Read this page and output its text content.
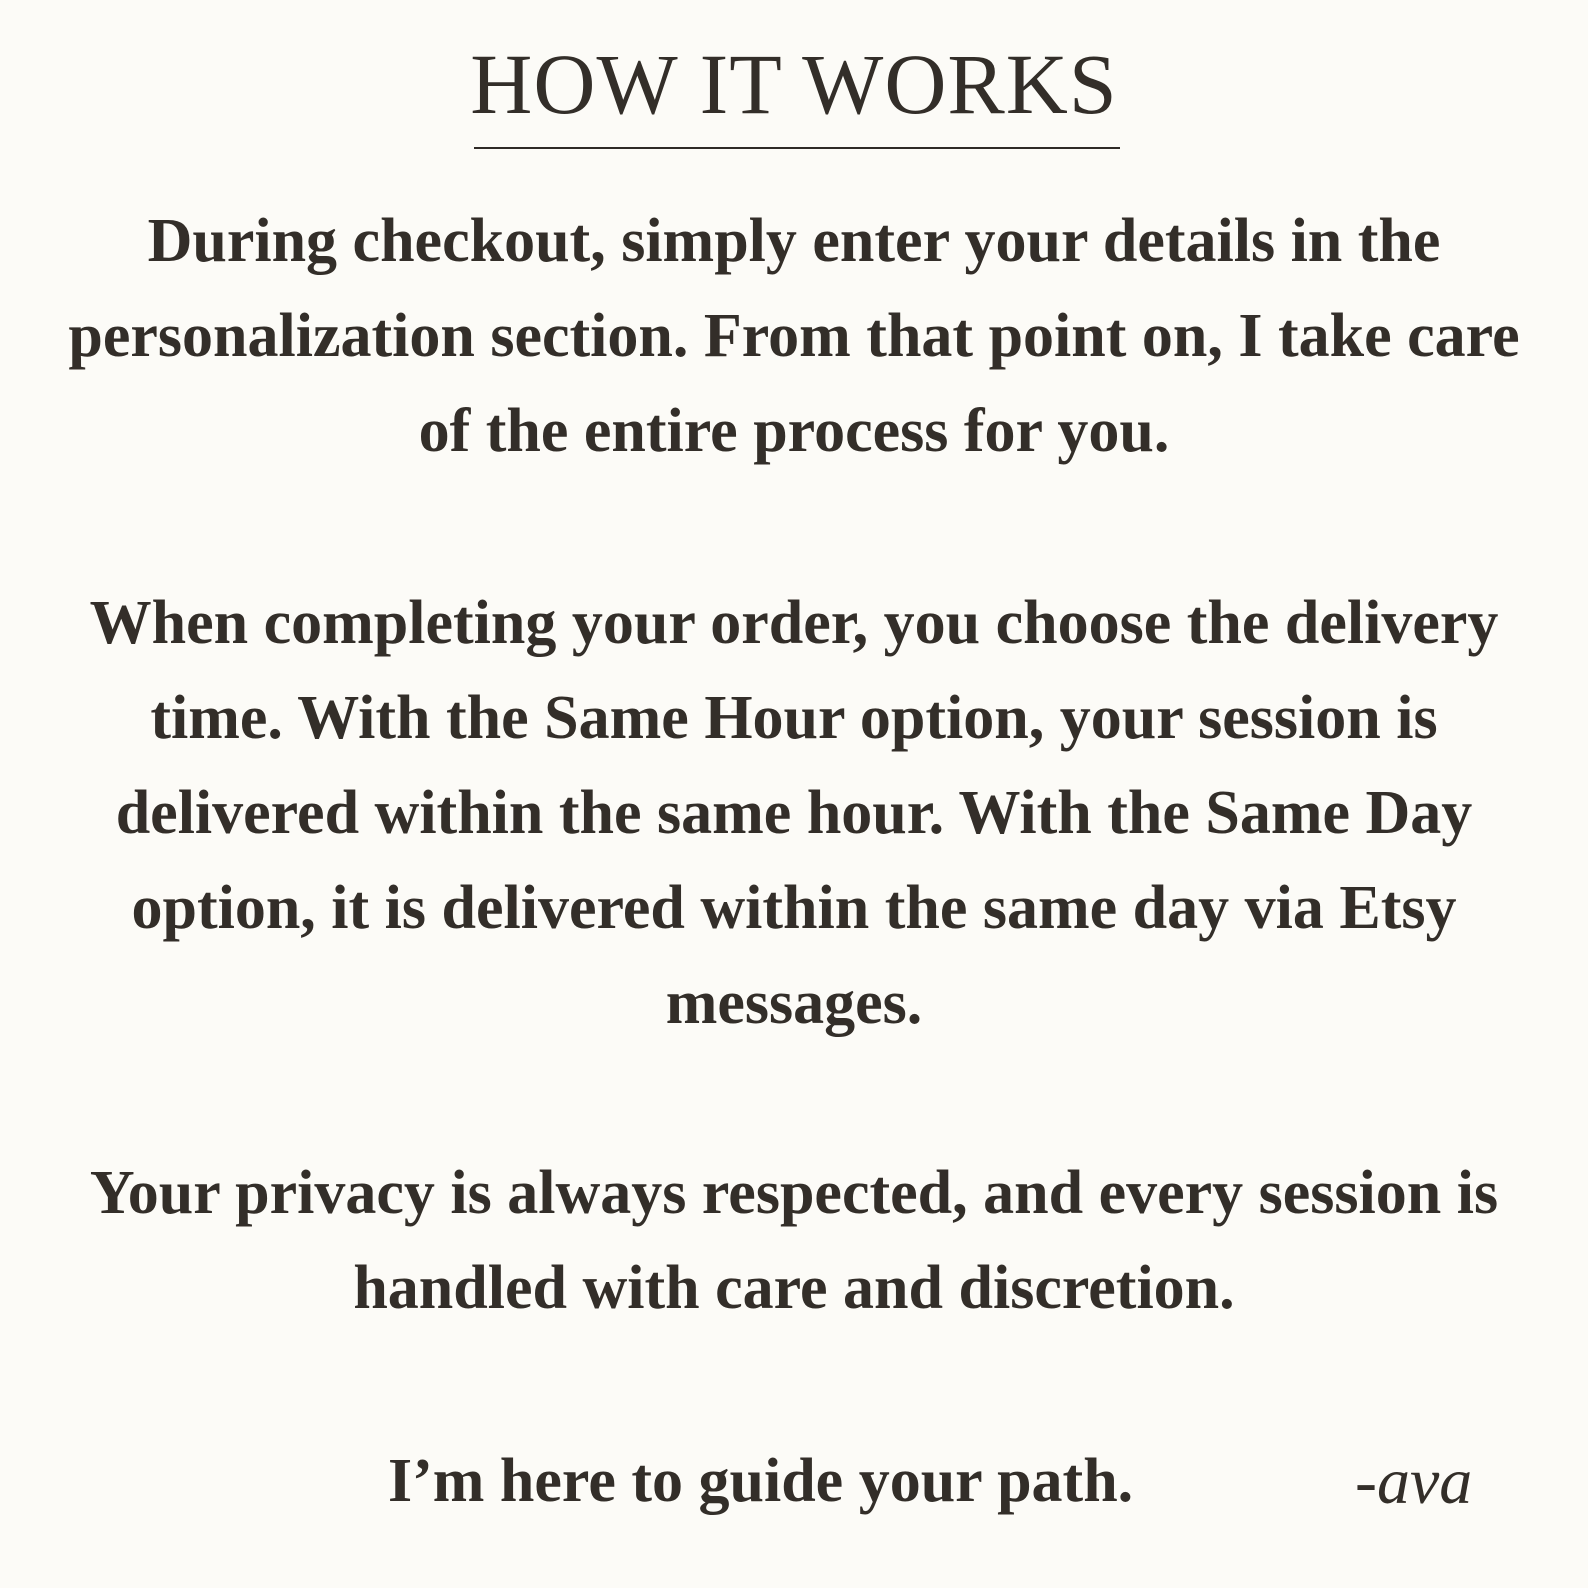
HOW IT WORKS

During checkout, simply enter your details in the personalization section. From that point on, I take care of the entire process for you.

When completing your order, you choose the delivery time. With the Same Hour option, your session is delivered within the same hour. With the Same Day option, it is delivered within the same day via Etsy messages.

Your privacy is always respected, and every session is handled with care and discretion.

I’m here to guide your path.	-ava
